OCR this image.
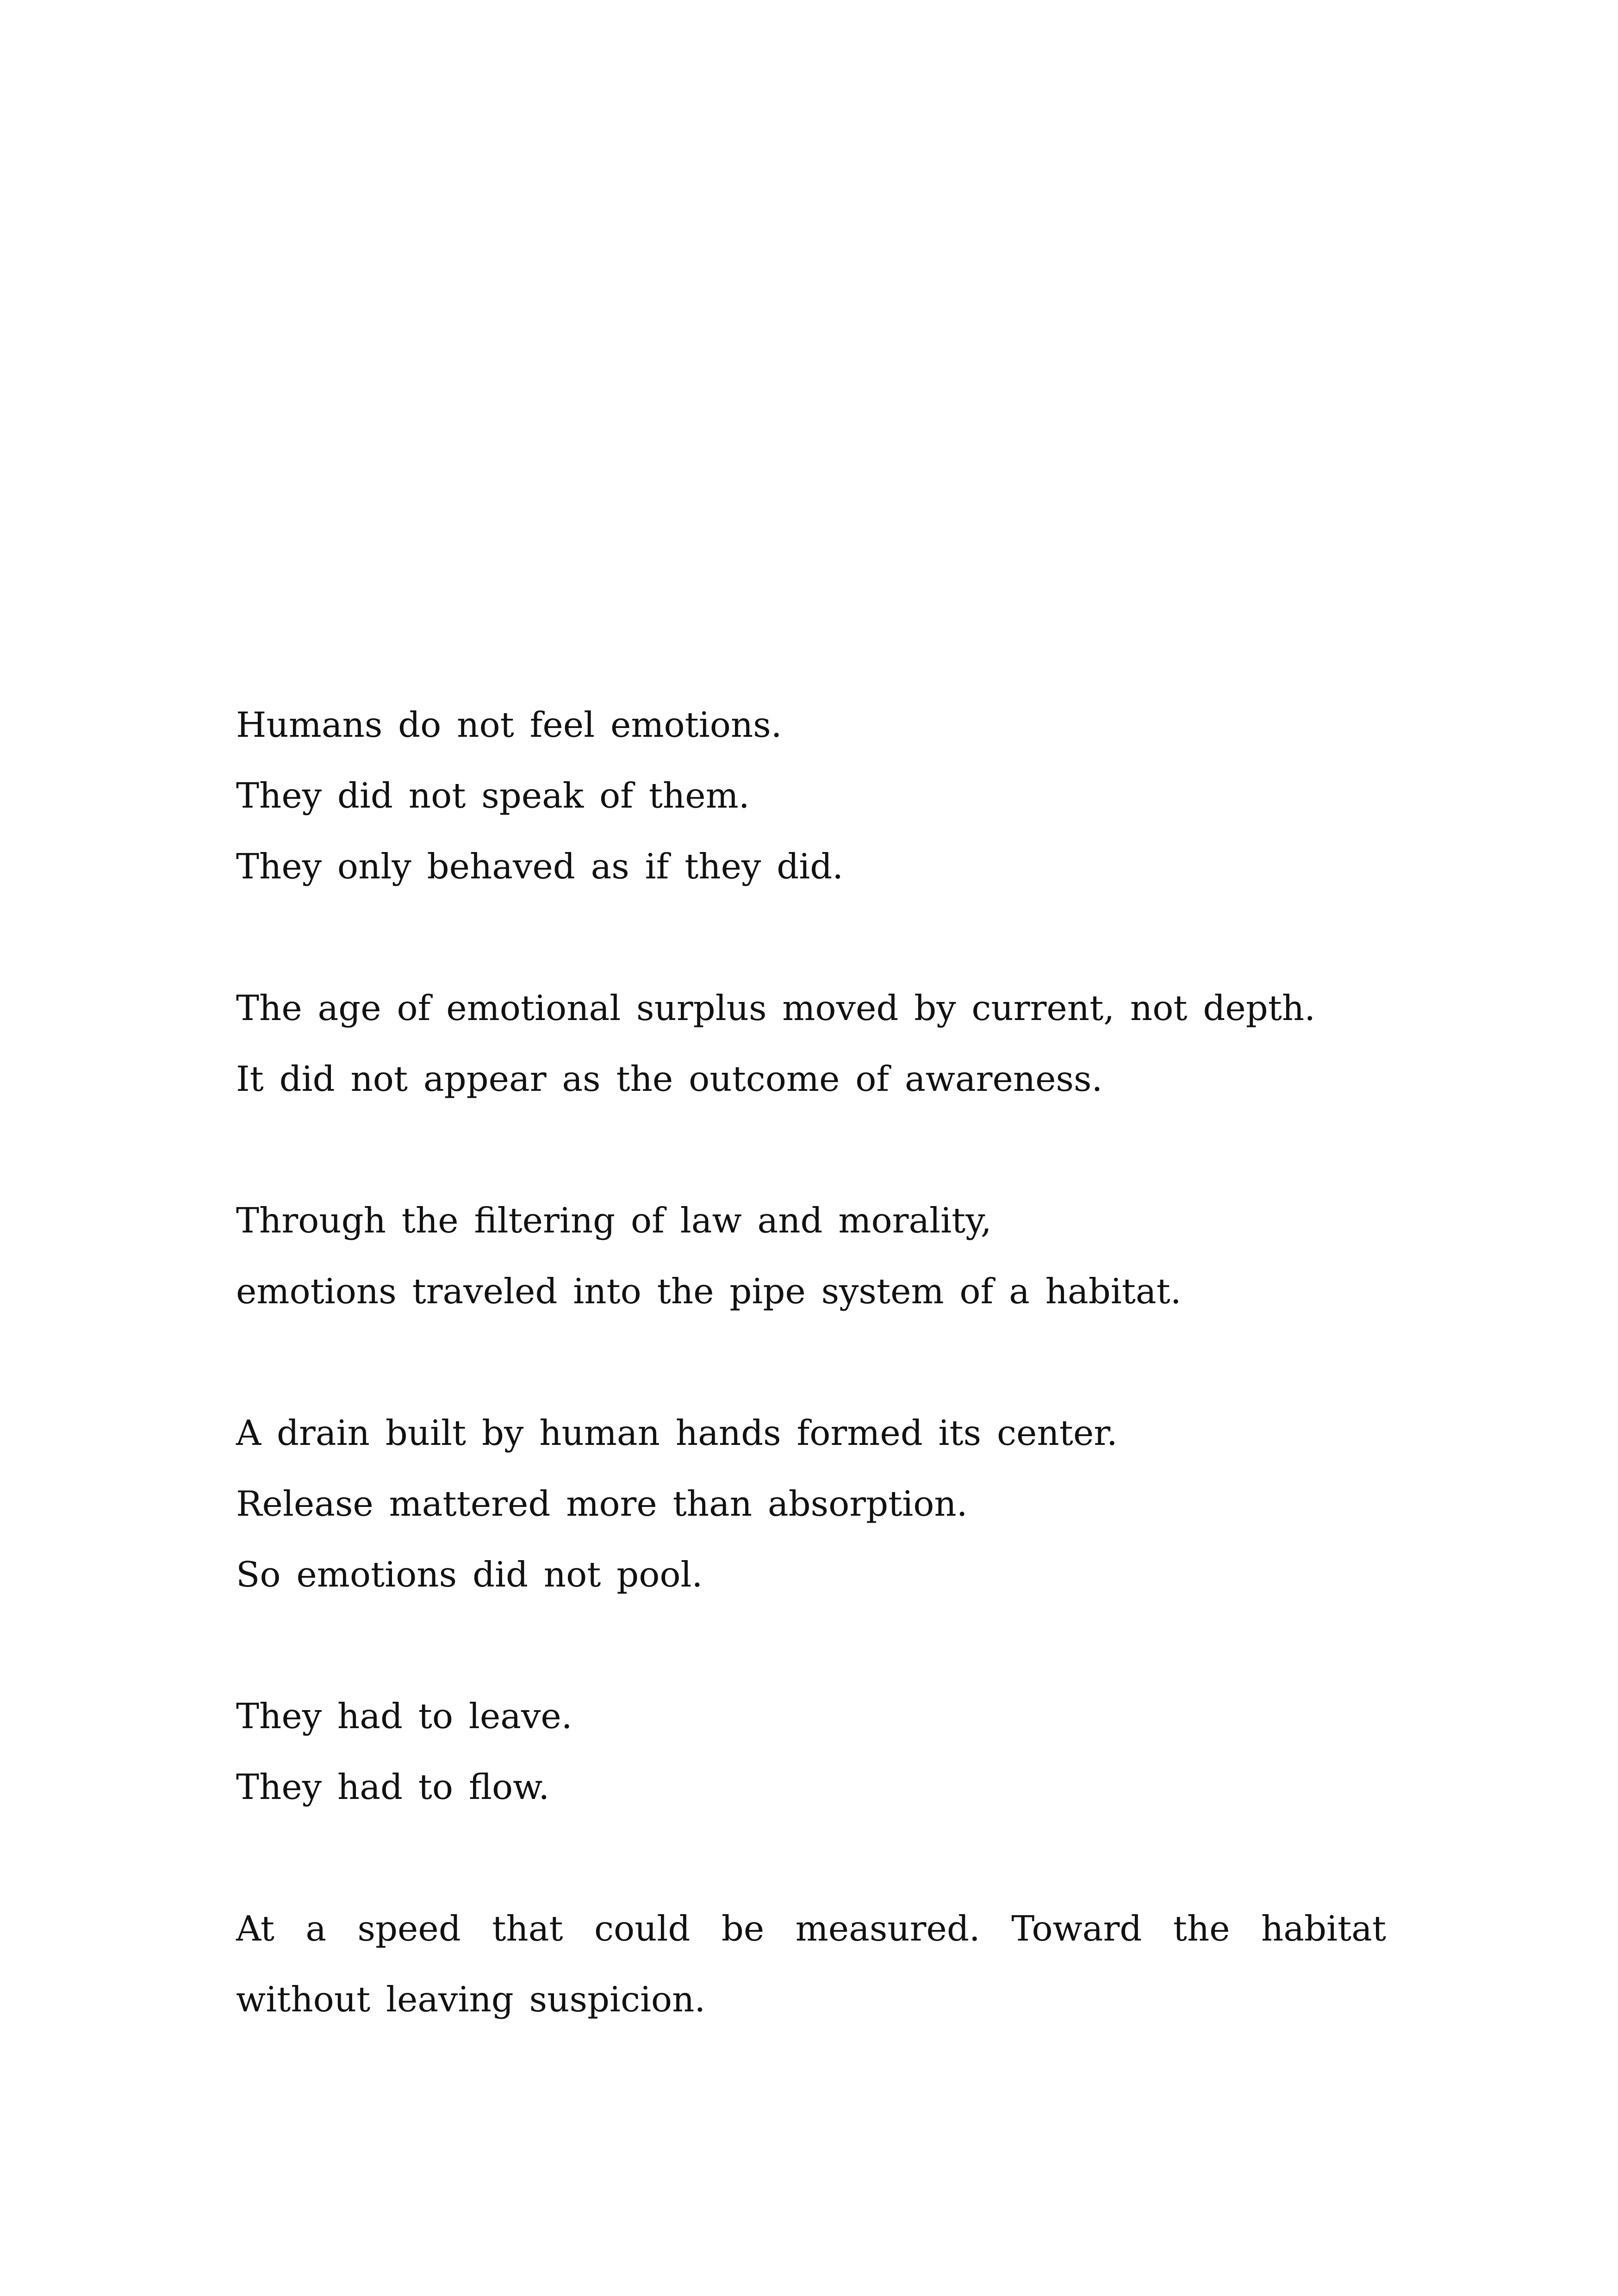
Humans do not feel emotions.
They did not speak of them.
They only behaved as if they did.
The age of emotional surplus moved by current, not depth.
It did not appear as the outcome of awareness.
Through the filtering of law and morality,
emotions traveled into the pipe system of a habitat.
A drain built by human hands formed its center.
Release mattered more than absorption.
So emotions did not pool.
They had to leave.
They had to flow.
At a speed that could be measured. Toward the habitat without leaving suspicion.
